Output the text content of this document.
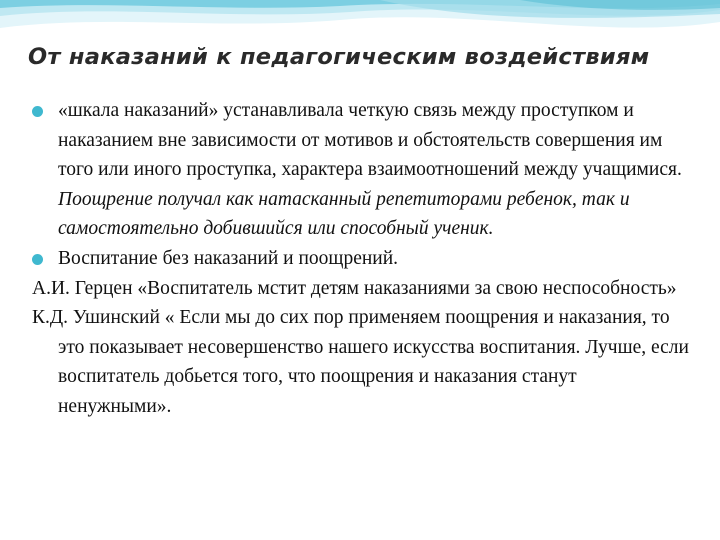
От наказаний к педагогическим воздействиям

«шкала наказаний» устанавливала четкую связь между проступком и наказанием вне зависимости от мотивов и обстоятельств совершения им того или иного проступка, характера взаимоотношений между учащимися. Поощрение получал как натасканный репетиторами ребенок, так и самостоятельно добившийся или способный ученик.

Воспитание без наказаний и поощрений.

А.И. Герцен «Воспитатель мстит детям наказаниями за свою неспособность»

К.Д. Ушинский « Если мы до сих пор применяем поощрения и наказания, то это показывает несовершенство нашего искусства воспитания. Лучше, если воспитатель добьется того, что поощрения и наказания станут ненужными».
